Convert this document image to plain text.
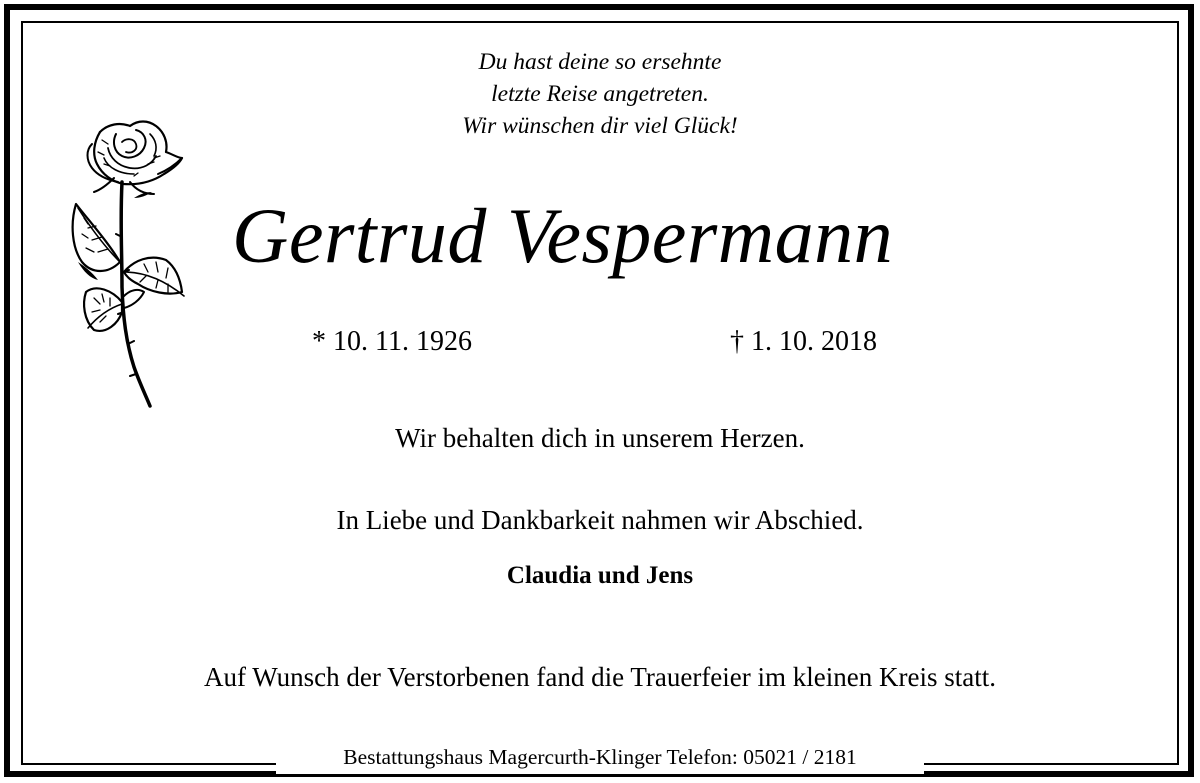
Du hast deine so ersehnte
letzte Reise angetreten.
Wir wünschen dir viel Glück!
Gertrud Vespermann
* 10. 11. 1926	† 1. 10. 2018
Wir behalten dich in unserem Herzen.
In Liebe und Dankbarkeit nahmen wir Abschied.
Claudia und Jens
Auf Wunsch der Verstorbenen fand die Trauerfeier im kleinen Kreis statt.
Bestattungshaus Magercurth-Klinger Telefon: 05021 / 2181
